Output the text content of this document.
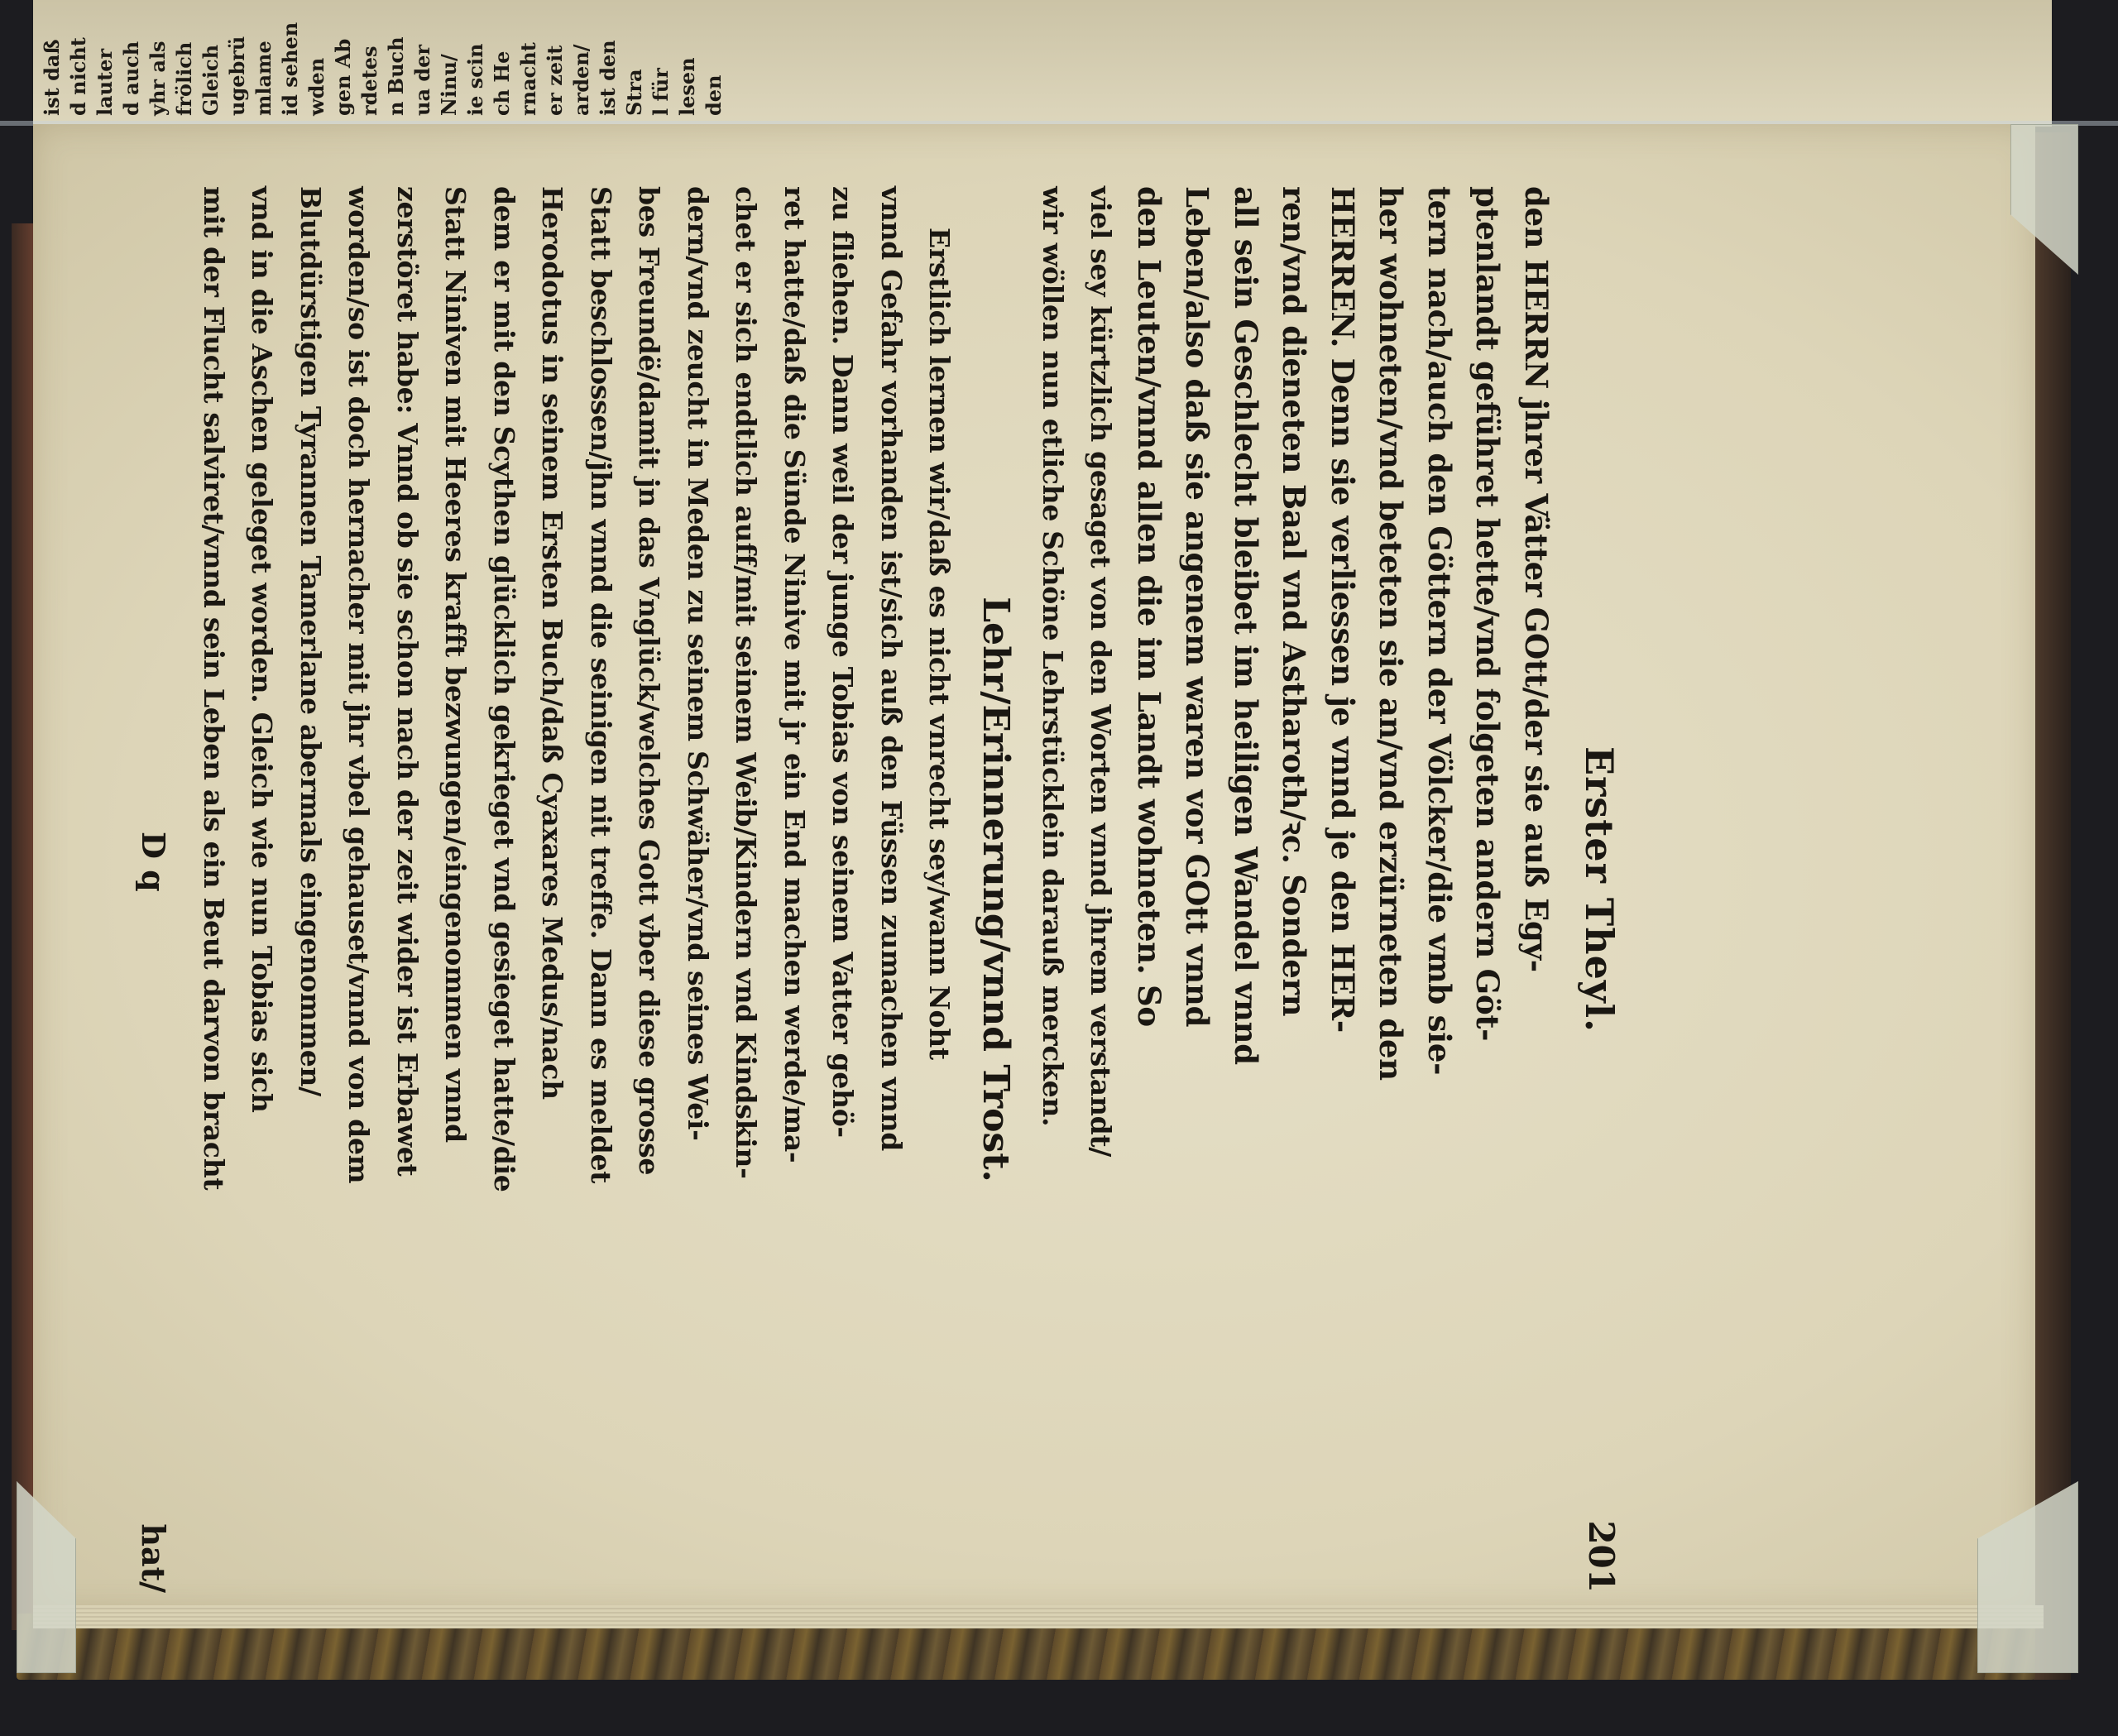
ist daß d nicht lauter d auch yhr als frölich Gleich ugebrü mlame id sehen wden gen Ab rdetes n Buch ua der Ninu/ ie scin ch He rnacht er zeit arden/ ist den Stra l für lesen den
Erster Theyl.
201
den HERRN jhrer Vätter GOtt/der sie auß Egy-
ptenlandt geführet hette/vnd folgeten andern Göt-
tern nach/auch den Göttern der Völcker/die vmb sie-
her wohneten/vnd beteten sie an/vnd erzürneten den
HERREN. Denn sie verliessen je vnnd je den HER-
ren/vnd dieneten Baal vnd Astharoth/ꝛc. Sondern
all sein Geschlecht bleibet im heiligen Wandel vnnd
Leben/also daß sie angenem waren vor GOtt vnnd
den Leuten/vnnd allen die im Landt wohneten. So
viel sey kürtzlich gesaget von den Worten vnnd jhrem verstandt/
wir wöllen nun etliche Schöne Lehrstücklein darauß mercken.
Lehr/Erinnerung/vnnd Trost.
Erstlich lernen wir/daß es nicht vnrecht sey/wann Noht
vnnd Gefahr vorhanden ist/sich auß den Füssen zumachen vnnd
zu fliehen. Dann weil der junge Tobias von seinem Vatter gehö-
ret hatte/daß die Sünde Ninive mit jr ein End machen werde/ma-
chet er sich endtlich auff/mit seinem Weib/Kindern vnd Kindskin-
dern/vnd zeucht in Meden zu seinem Schwäher/vnd seines Wei-
bes Freundë/damit jn das Vnglück/welches Gott vber diese grosse
Statt beschlossen/jhn vnnd die seinigen nit treffe. Dann es meldet
Herodotus in seinem Ersten Buch/daß Cyaxares Medus/nach
dem er mit den Scythen glücklich gekrieget vnd gesieget hatte/die
Statt Niniven mit Heeres krafft bezwungen/eingenommen vnnd
zerstöret habe: Vnnd ob sie schon nach der zeit wider ist Erbawet
worden/so ist doch hernacher mit jhr vbel gehauset/vnnd von dem
Blutdürstigen Tyrannen Tamerlane abermals eingenommen/
vnd in die Aschen geleget worden. Gleich wie nun Tobias sich
mit der Flucht salviret/vnnd sein Leben als ein Beut darvon bracht
D q
hat/
